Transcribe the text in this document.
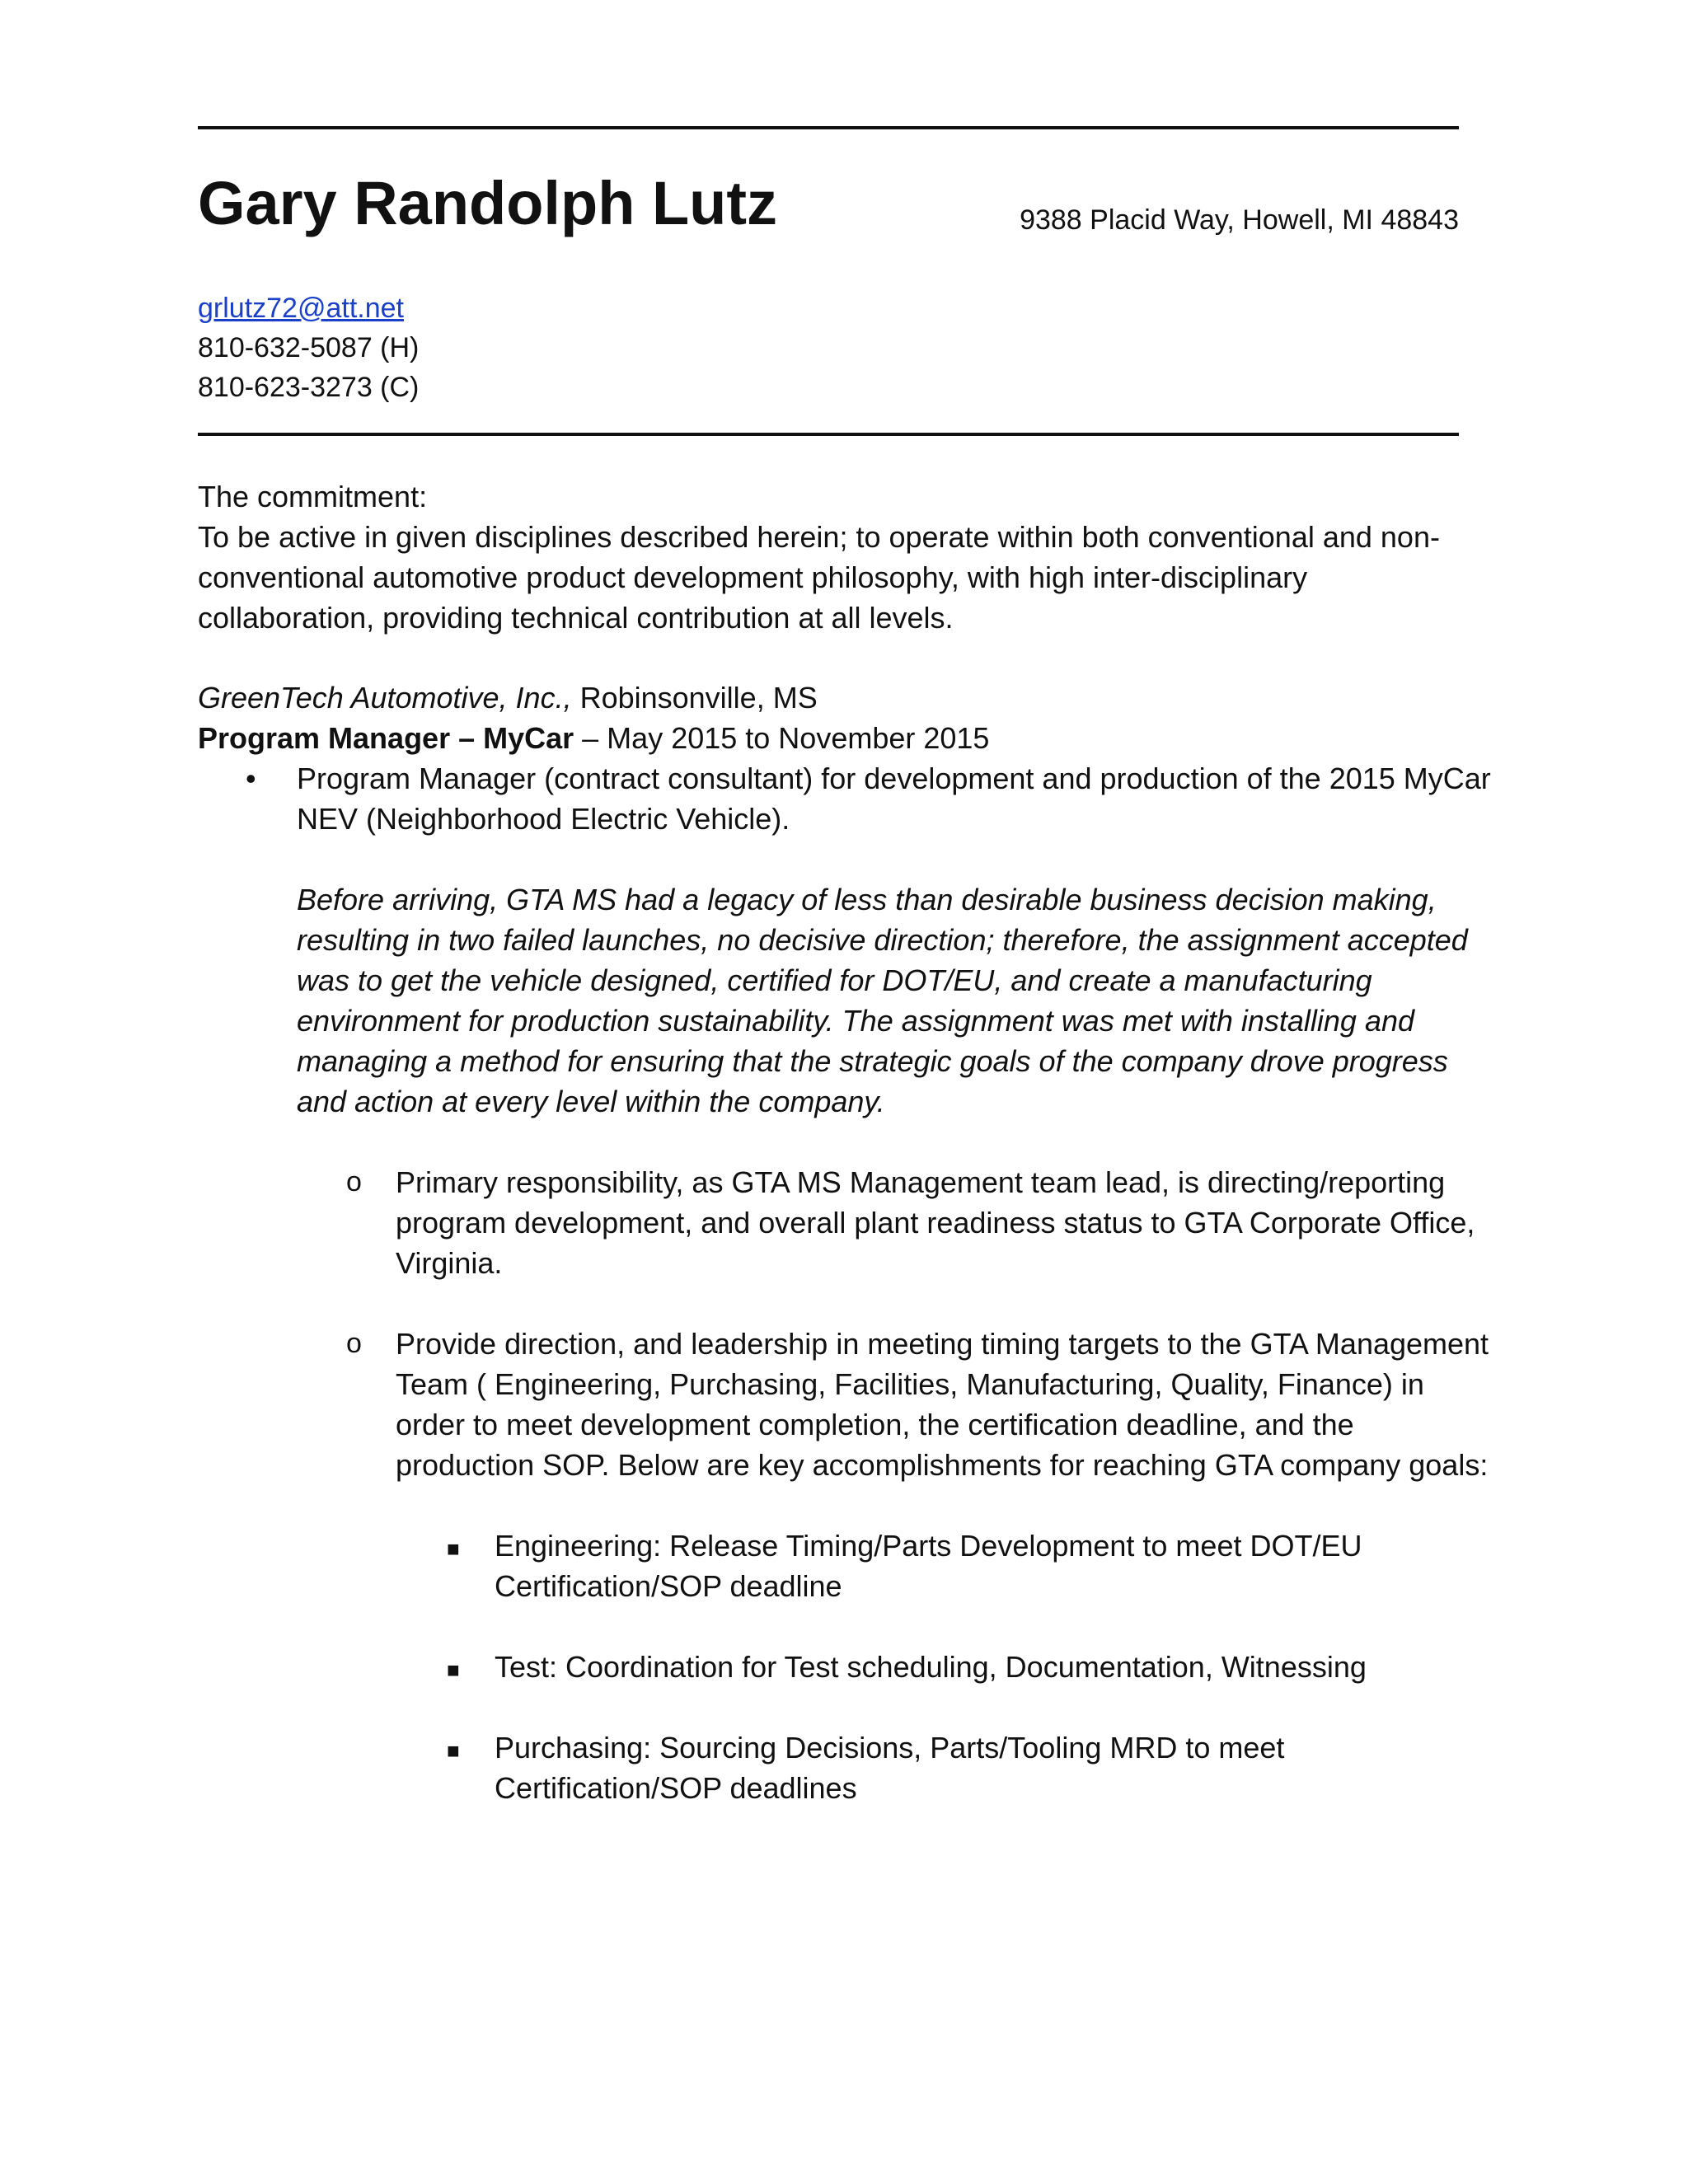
Gary Randolph Lutz	9388 Placid Way, Howell, MI 48843
grlutz72@att.net
810-632-5087 (H)
810-623-3273 (C)
The commitment:
To be active in given disciplines described herein; to operate within both conventional and non-conventional automotive product development philosophy, with high inter-disciplinary collaboration, providing technical contribution at all levels.
GreenTech Automotive, Inc., Robinsonville, MS
Program Manager – MyCar – May 2015 to November 2015
• Program Manager (contract consultant) for development and production of the 2015 MyCar NEV (Neighborhood Electric Vehicle).
Before arriving, GTA MS had a legacy of less than desirable business decision making, resulting in two failed launches, no decisive direction; therefore, the assignment accepted was to get the vehicle designed, certified for DOT/EU, and create a manufacturing environment for production sustainability. The assignment was met with installing and managing a method for ensuring that the strategic goals of the company drove progress and action at every level within the company.
o Primary responsibility, as GTA MS Management team lead, is directing/reporting program development, and overall plant readiness status to GTA Corporate Office, Virginia.
o Provide direction, and leadership in meeting timing targets to the GTA Management Team ( Engineering, Purchasing, Facilities, Manufacturing, Quality, Finance) in order to meet development completion, the certification deadline, and the production SOP. Below are key accomplishments for reaching GTA company goals:
■ Engineering: Release Timing/Parts Development to meet DOT/EU Certification/SOP deadline
■ Test: Coordination for Test scheduling, Documentation, Witnessing
■ Purchasing: Sourcing Decisions, Parts/Tooling MRD to meet Certification/SOP deadlines
